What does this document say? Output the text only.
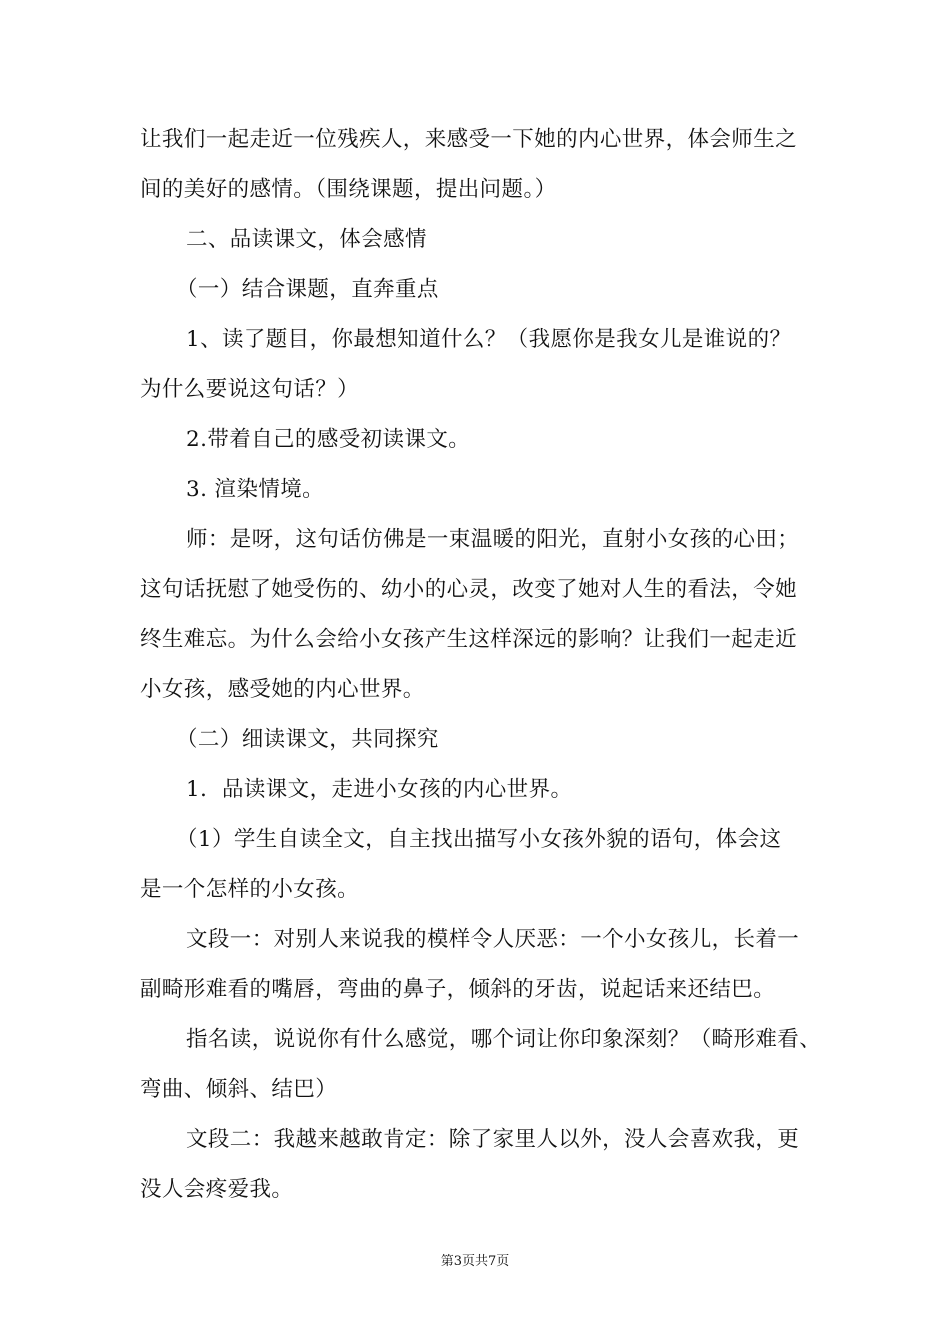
让我们一起走近一位残疾人，来感受一下她的内心世界，体会师生之
间的美好的感情。（围绕课题，提出问题。）
二、品读课文，体会感情
（一）结合课题，直奔重点
1、读了题目，你最想知道什么？（我愿你是我女儿是谁说的？
为什么要说这句话？）
2.带着自己的感受初读课文。
3. 渲染情境。
师：是呀，这句话仿佛是一束温暖的阳光，直射小女孩的心田；
这句话抚慰了她受伤的、幼小的心灵，改变了她对人生的看法，令她
终生难忘。为什么会给小女孩产生这样深远的影响？让我们一起走近
小女孩，感受她的内心世界。
（二）细读课文，共同探究
1．品读课文，走进小女孩的内心世界。
（1）学生自读全文，自主找出描写小女孩外貌的语句，体会这
是一个怎样的小女孩。
文段一：对别人来说我的模样令人厌恶：一个小女孩儿，长着一
副畸形难看的嘴唇，弯曲的鼻子，倾斜的牙齿，说起话来还结巴。
指名读，说说你有什么感觉，哪个词让你印象深刻？（畸形难看、
弯曲、倾斜、结巴）
文段二：我越来越敢肯定：除了家里人以外，没人会喜欢我，更
没人会疼爱我。
第3页共7页
